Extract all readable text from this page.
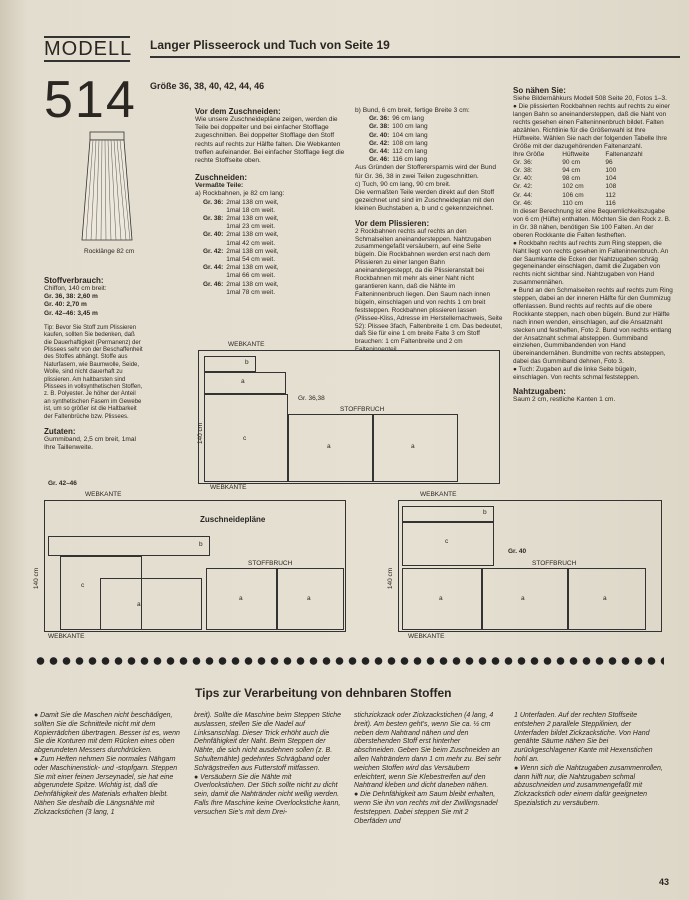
MODELL
514
Langer Plisseerock und Tuch von Seite 19
Größe 36, 38, 40, 42, 44, 46
Rocklänge 82 cm
Stoffverbrauch:
Chiffon, 140 cm breit:
Gr. 36, 38: 2,60 m
Gr. 40: 2,70 m
Gr. 42–46: 3,45 m
Tip: Bevor Sie Stoff zum Plissieren kaufen, sollten Sie bedenken, daß die Dauerhaftigkeit (Permanenz) der Plissees sehr von der Beschaffenheit des Stoffes abhängt. Stoffe aus Naturfasern, wie Baumwolle, Seide, Wolle, sind nicht dauerhaft zu plissieren. Am haltbarsten sind Plissees in vollsynthetischen Stoffen, z. B. Polyester. Je höher der Anteil an synthetischen Fasern im Gewebe ist, um so größer ist die Haltbarkeit der Faltenbrüche bzw. Plissees.
Zutaten:
Gummiband, 2,5 cm breit, 1mal Ihre Taillenweite.
Vor dem Zuschneiden:
Wie unsere Zuschneidepläne zeigen, werden die Teile bei doppelter und bei einfacher Stofflage zugeschnitten. Bei doppelter Stofflage den Stoff rechts auf rechts zur Hälfte falten. Die Webkanten treffen aufeinander. Bei einfacher Stofflage liegt die rechte Stoffseite oben.
Zuschneiden:
Vermaßte Teile:
a) Rockbahnen, je 82 cm lang:
Gr. 36:	2mal 138 cm weit,
	1mal 18 cm weit.
Gr. 38:	2mal 138 cm weit,
	1mal 23 cm weit.
Gr. 40:	2mal 138 cm weit,
	1mal 42 cm weit.
Gr. 42:	2mal 138 cm weit,
	1mal 54 cm weit.
Gr. 44:	2mal 138 cm weit,
	1mal 66 cm weit.
Gr. 46:	2mal 138 cm weit,
	1mal 78 cm weit.
b) Bund, 6 cm breit, fertige Breite 3 cm:
Gr. 36:	96 cm lang
Gr. 38:	100 cm lang
Gr. 40:	104 cm lang
Gr. 42:	108 cm lang
Gr. 44:	112 cm lang
Gr. 46:	116 cm lang
Aus Gründen der Stofferersparnis wird der Bund für Gr. 36, 38 in zwei Teilen zugeschnitten.
c) Tuch, 90 cm lang, 90 cm breit.
Die vermaßten Teile werden direkt auf den Stoff gezeichnet und sind im Zuschneideplan mit den kleinen Buchstaben a, b und c gekennzeichnet.
Vor dem Plissieren:
2 Rockbahnen rechts auf rechts an den Schmalseiten aneinandersteppen. Nahtzugaben zusammengefaßt versäubern, auf eine Seite bügeln. Die Rockbahnen werden erst nach dem Plissieren zu einer langen Bahn aneinandergesteppt, da die Plissieranstalt bei Rockbahnen mit mehr als einer Naht nicht garantieren kann, daß die Nähte im Falteninnenbruch liegen. Den Saum nach innen bügeln, einschlagen und von rechts 1 cm breit feststeppen. Rockbahnen plissieren lassen (Plissee-Kliss, Adresse im Herstellernachweis, Seite 52): Plissee 3fach, Faltenbreite 1 cm. Das bedeutet, daß Sie für eine 1 cm breite Falte 3 cm Stoff brauchen: 1 cm Faltenbreite und 2 cm Falteninnenteil.
So nähen Sie:
Siehe Bildernähkurs Modell 508 Seite 20, Fotos 1–3.
● Die plissierten Rockbahnen rechts auf rechts zu einer langen Bahn so aneinandersteppen, daß die Naht von rechts gesehen einen Falteninnenbruch bildet. Falten abzählen. Richtlinie für die Größenwahl ist Ihre Hüftweite. Wählen Sie nach der folgenden Tabelle Ihre Größe mit der dazugehörenden Faltenanzahl.
Ihre Größe	Hüftweite	Faltenanzahl
Gr. 36:	90 cm	96
Gr. 38:	94 cm	100
Gr. 40:	98 cm	104
Gr. 42:	102 cm	108
Gr. 44:	106 cm	112
Gr. 46:	110 cm	116
In dieser Berechnung ist eine Bequemlichkeitszugabe von 6 cm (Hüfte) enthalten. Möchten Sie den Rock z. B. in Gr. 38 nähen, benötigen Sie 100 Falten. An der oberen Rockkante die Falten festheften.
● Rockbahn rechts auf rechts zum Ring steppen, die Naht liegt von rechts gesehen im Falteninnenbruch. An der Saumkante die Ecken der Nahtzugaben schräg gegeneinander einschlagen, damit die Zugaben von rechts nicht sichtbar sind. Nahtzugaben von Hand zusammennähen.
● Bund an den Schmalseiten rechts auf rechts zum Ring steppen, dabei an der inneren Hälfte für den Gummizug offenlassen. Bund rechts auf rechts auf die obere Rockkante steppen, nach oben bügeln. Bund zur Hälfte nach innen wenden, einschlagen, auf die Ansatznaht stecken und festheften, Foto 2. Bund von rechts entlang der Ansatznaht schmal absteppen. Gummiband einziehen, Gummibandenden von Hand übereinandernähen. Bundmitte von rechts absteppen, dabei das Gummiband dehnen, Foto 3.
● Tuch: Zugaben auf die linke Seite bügeln, einschlagen. Von rechts schmal feststeppen.
Nahtzugaben:
Saum 2 cm, restliche Kanten 1 cm.
WEBKANTE
b
a
c
Gr. 36,38
STOFFBRUCH
a	a
140 cm
WEBKANTE
Gr. 42–46
WEBKANTE
Zuschneidepläne
b
c
a
STOFFBRUCH
a	a
140 cm
WEBKANTE
WEBKANTE
b
c
Gr. 40
STOFFBRUCH
a	a	a
140 cm
WEBKANTE
Tips zur Verarbeitung von dehnbaren Stoffen
● Damit Sie die Maschen nicht beschädigen, sollten Sie die Schnitteile nicht mit dem Kopierrädchen übertragen. Besser ist es, wenn Sie die Konturen mit dem Rücken eines oben abgerundeten Messers durchdrücken.
● Zum Heften nehmen Sie normales Nähgarn oder Maschinenstick- und -stopfgarn. Steppen Sie mit einer feinen Jerseynadel, sie hat eine abgerundete Spitze. Wichtig ist, daß die Dehnfähigkeit des Materials erhalten bleibt. Nähen Sie deshalb die Längsnähte mit Zickzackstichen (3 lang, 1
breit). Sollte die Maschine beim Steppen Stiche auslassen, stellen Sie die Nadel auf Linksanschlag. Dieser Trick erhöht auch die Dehnfähigkeit der Naht. Beim Steppen der Nähte, die sich nicht ausdehnen sollen (z. B. Schulternähte) gedehntes Schrägband oder Schrägstreifen aus Futterstoff mitfassen.
● Versäubern Sie die Nähte mit Overlockstichen. Der Stich sollte nicht zu dicht sein, damit die Nahtränder nicht wellig werden. Falls Ihre Maschine keine Overlockstiche kann, versuchen Sie's mit dem Drei-
stichzickzack oder Zickzackstichen (4 lang, 4 breit). Am besten geht's, wenn Sie ca. ½ cm neben dem Nahtrand nähen und den überstehenden Stoff erst hinterher abschneiden. Geben Sie beim Zuschneiden an allen Nahträndern dann 1 cm mehr zu. Bei sehr weichen Stoffen wird das Versäubern erleichtert, wenn Sie Klebestreifen auf den Nahtrand kleben und dicht daneben nähen.
● Die Dehnfähigkeit am Saum bleibt erhalten, wenn Sie ihn von rechts mit der Zwillingsnadel feststeppen. Dabei steppen Sie mit 2 Oberfäden und
1 Unterfaden. Auf der rechten Stoffseite entstehen 2 parallele Steppilinien, der Unterfaden bildet Zickzackstiche. Von Hand genähte Säume nähen Sie bei zurückgeschlagener Kante mit Hexenstichen hohl an.
● Wenn sich die Nahtzugaben zusammenrollen, dann hilft nur, die Nahtzugaben schmal abzuschneiden und zusammengefaßt mit Zickzackstich oder einem dafür geeigneten Spezialstich zu versäubern.
43
